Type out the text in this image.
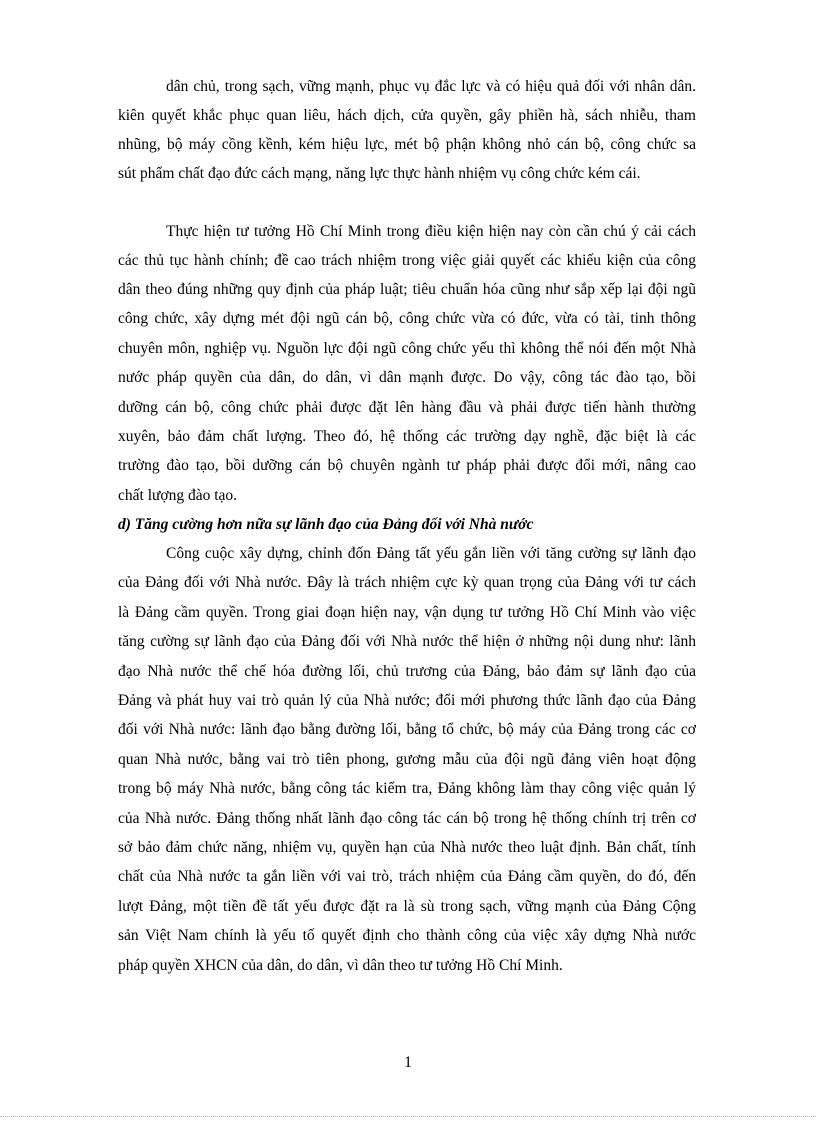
dân chủ, trong sạch, vững mạnh, phục vụ đắc lực và có hiệu quả đối với nhân dân.
kiên quyết khắc phục quan liêu, hách dịch, cửa quyền, gây phiền hà, sách nhiễu, tham
nhũng, bộ máy cồng kềnh, kém hiệu lực, mét bộ phận không nhỏ cán bộ, công chức sa
sút phẩm chất đạo đức cách mạng, năng lực thực hành nhiệm vụ công chức kém cái.
Thực hiện tư tưởng Hồ Chí Minh trong điều kiện hiện nay còn cần chú ý cải cách
các thủ tục hành chính; đề cao trách nhiệm trong việc giải quyết các khiếu kiện của công
dân theo đúng những quy định của pháp luật; tiêu chuẩn hóa cũng như sắp xếp lại đội ngũ
công chức, xây dựng mét đội ngũ cán bộ, công chức vừa có đức, vừa có tài, tinh thông
chuyên môn, nghiệp vụ. Nguồn lực đội ngũ công chức yếu thì không thể nói đến một Nhà
nước pháp quyền của dân, do dân, vì dân mạnh được. Do vậy, công tác đào tạo, bồi
dưỡng cán bộ, công chức phải được đặt lên hàng đầu và phải được tiến hành thường
xuyên, bảo đảm chất lượng. Theo đó, hệ thống các trường dạy nghề, đặc biệt là các
trường đào tạo, bồi dưỡng cán bộ chuyên ngành tư pháp phải được đổi mới, nâng cao
chất lượng đào tạo.
d) Tăng cường hơn nữa sự lãnh đạo của Đảng đối với Nhà nước
Công cuộc xây dựng, chỉnh đốn Đảng tất yếu gắn liền với tăng cường sự lãnh đạo
của Đảng đối với Nhà nước. Đây là trách nhiệm cực kỳ quan trọng của Đảng với tư cách
là Đảng cầm quyền. Trong giai đoạn hiện nay, vận dụng tư tưởng Hồ Chí Minh vào việc
tăng cường sự lãnh đạo của Đảng đối với Nhà nước thể hiện ở những nội dung như: lãnh
đạo Nhà nước thể chế hóa đường lối, chủ trương của Đảng, bảo đảm sự lãnh đạo của
Đảng và phát huy vai trò quản lý của Nhà nước; đổi mới phương thức lãnh đạo của Đảng
đối với Nhà nước: lãnh đạo bằng đường lối, bằng tổ chức, bộ máy của Đảng trong các cơ
quan Nhà nước, bằng vai trò tiên phong, gương mẫu của đội ngũ đảng viên hoạt động
trong bộ máy Nhà nước, bằng công tác kiểm tra, Đảng không làm thay công việc quản lý
của Nhà nước. Đảng thống nhất lãnh đạo công tác cán bộ trong hệ thống chính trị trên cơ
sở bảo đảm chức năng, nhiệm vụ, quyền hạn của Nhà nước theo luật định. Bản chất, tính
chất của Nhà nước ta gắn liền với vai trò, trách nhiệm của Đảng cầm quyền, do đó, đến
lượt Đảng, một tiền đề tất yếu được đặt ra là sù trong sạch, vững mạnh của Đảng Cộng
sản Việt Nam chính là yếu tố quyết định cho thành công của việc xây dựng Nhà nước
pháp quyền XHCN của dân, do dân, vì dân theo tư tưởng Hồ Chí Minh.
1
